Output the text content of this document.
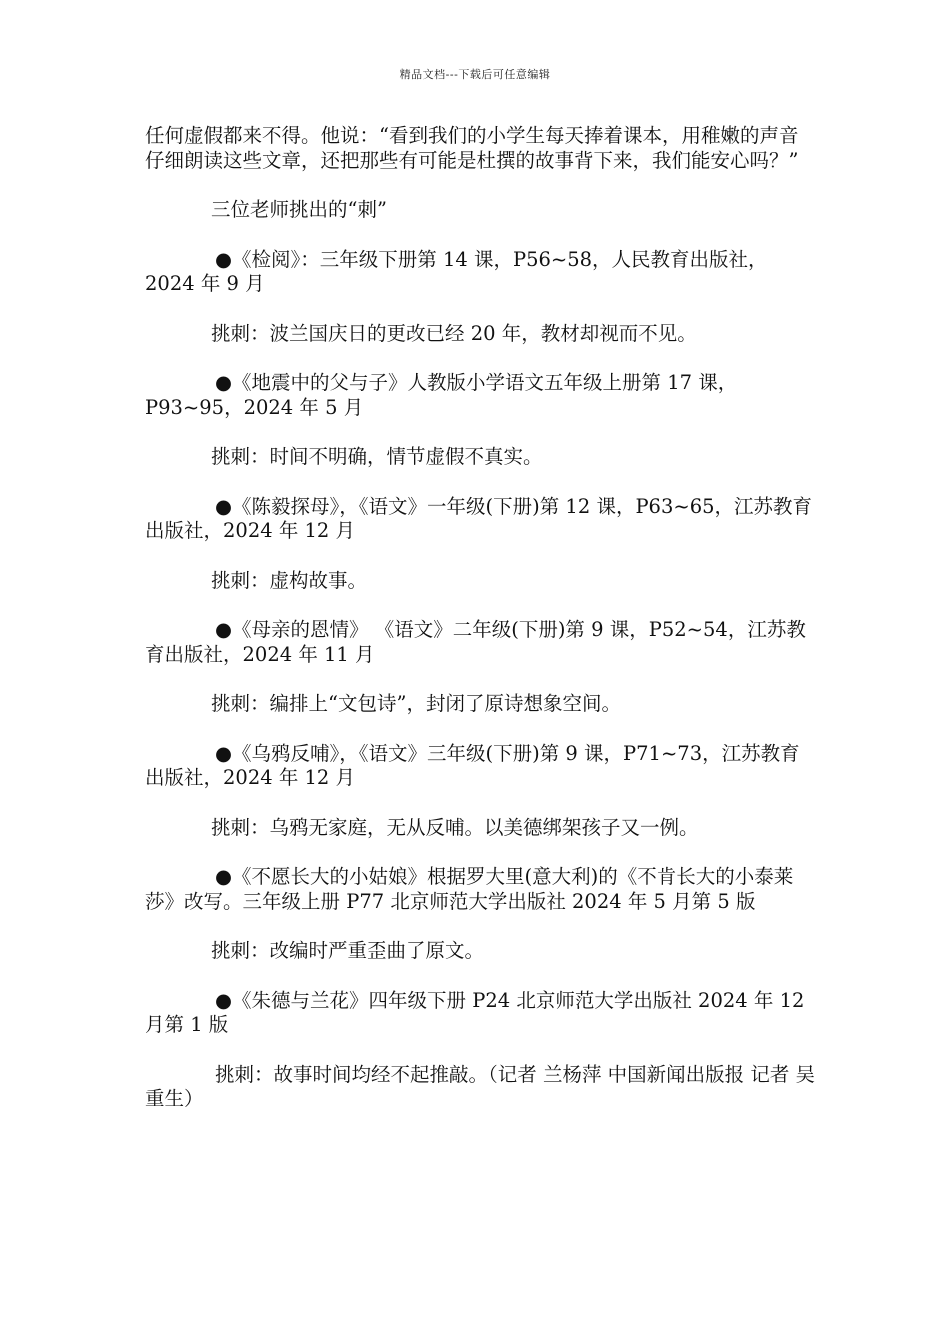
精品文档---下载后可任意编辑

任何虚假都来不得。他说：“看到我们的小学生每天捧着课本，用稚嫩的声音仔细朗读这些文章，还把那些有可能是杜撰的故事背下来，我们能安心吗？”

三位老师挑出的“刺”

●《检阅》：三年级下册第 14 课，P56~58，人民教育出版社，2024 年 9 月

挑刺：波兰国庆日的更改已经 20 年，教材却视而不见。

●《地震中的父与子》人教版小学语文五年级上册第 17 课，P93~95，2024 年 5 月

挑刺：时间不明确，情节虚假不真实。

●《陈毅探母》，《语文》一年级(下册)第 12 课，P63~65，江苏教育出版社，2024 年 12 月

挑刺：虚构故事。

●《母亲的恩情》 《语文》二年级(下册)第 9 课，P52~54，江苏教育出版社，2024 年 11 月

挑刺：编排上“文包诗”，封闭了原诗想象空间。

●《乌鸦反哺》，《语文》三年级(下册)第 9 课，P71~73，江苏教育出版社，2024 年 12 月

挑刺：乌鸦无家庭，无从反哺。以美德绑架孩子又一例。

●《不愿长大的小姑娘》根据罗大里(意大利)的《不肯长大的小泰莱莎》改写。三年级上册 P77 北京师范大学出版社 2024 年 5 月第 5 版

挑刺：改编时严重歪曲了原文。

●《朱德与兰花》四年级下册 P24 北京师范大学出版社 2024 年 12 月第 1 版

挑刺：故事时间均经不起推敲。（记者 兰杨萍 中国新闻出版报 记者 吴重生）
